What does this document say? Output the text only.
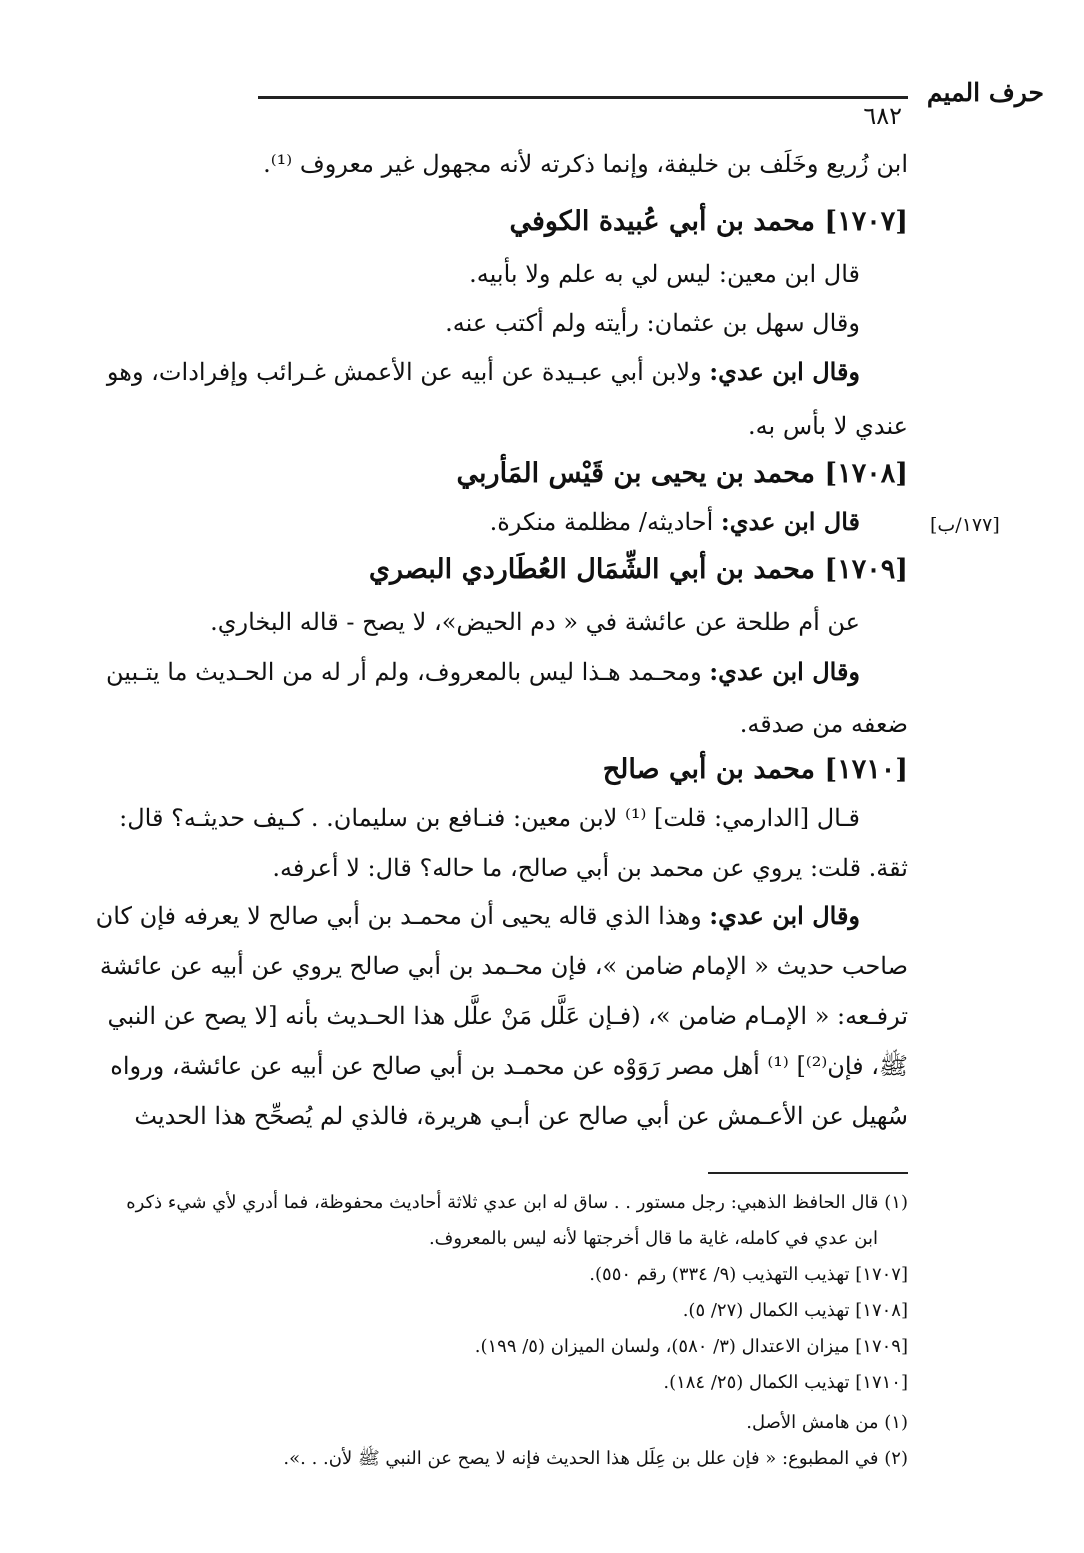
حرف الميم
٦٨٢
[١٧٧/ب]
ابن زُريع وخَلَف بن خليفة، وإنما ذكرته لأنه مجهول غير معروف ⁽¹⁾.
[١٧٠٧] محمد بن أبي عُبيدة الكوفي
قال ابن معين: ليس لي به علم ولا بأبيه.
وقال سهل بن عثمان: رأيته ولم أكتب عنه.
وقال ابن عدي: ولابن أبي عبـيدة عن أبيه عن الأعمش غـرائب وإفرادات، وهو
عندي لا بأس به.
[١٧٠٨] محمد بن يحيى بن قَيْس المَأربي
قال ابن عدي: أحاديثه/ مظلمة منكرة.
[١٧٠٩] محمد بن أبي الشِّمَال العُطَاردي البصري
عن أم طلحة عن عائشة في « دم الحيض»، لا يصح - قاله البخاري.
وقال ابن عدي: ومحـمد هـذا ليس بالمعروف، ولم أر له من الحـديث ما يتـبين
ضعفه من صدقه.
[١٧١٠] محمد بن أبي صالح
قـال [الدارمي: قلت] ⁽¹⁾ لابن معين: فنـافع بن سليمان. . كـيف حديثـه؟ قال:
ثقة. قلت: يروي عن محمد بن أبي صالح، ما حاله؟ قال: لا أعرفه.
وقال ابن عدي: وهذا الذي قاله يحيى أن محمـد بن أبي صالح لا يعرفه فإن كان
صاحب حديث « الإمام ضامن »، فإن محـمد بن أبي صالح يروي عن أبيه عن عائشة
ترفـعه: « الإمـام ضامن »، (فـإن عَلَّل مَنْ علَّل هذا الحـديث بأنه [لا يصح عن النبي
ﷺ، فإن⁽²⁾] ⁽¹⁾ أهل مصر رَوَوْه عن محمـد بن أبي صالح عن أبيه عن عائشة، ورواه
سُهيل عن الأعـمش عن أبي صالح عن أبـي هريرة، فالذي لم يُصحِّح هذا الحديث
(١) قال الحافظ الذهبي: رجل مستور . . ساق له ابن عدي ثلاثة أحاديث محفوظة، فما أدري لأي شيء ذكره
ابن عدي في كامله، غاية ما قال أخرجتها لأنه ليس بالمعروف.
[١٧٠٧] تهذيب التهذيب (٩/ ٣٣٤) رقم ٥٥٠).
[١٧٠٨] تهذيب الكمال (٢٧/ ٥).
[١٧٠٩] ميزان الاعتدال (٣/ ٥٨٠)، ولسان الميزان (٥/ ١٩٩).
[١٧١٠] تهذيب الكمال (٢٥/ ١٨٤).
(١) من هامش الأصل.
(٢) في المطبوع: « فإن علل بن عِلَل هذا الحديث فإنه لا يصح عن النبي ﷺ لأن. . .».
